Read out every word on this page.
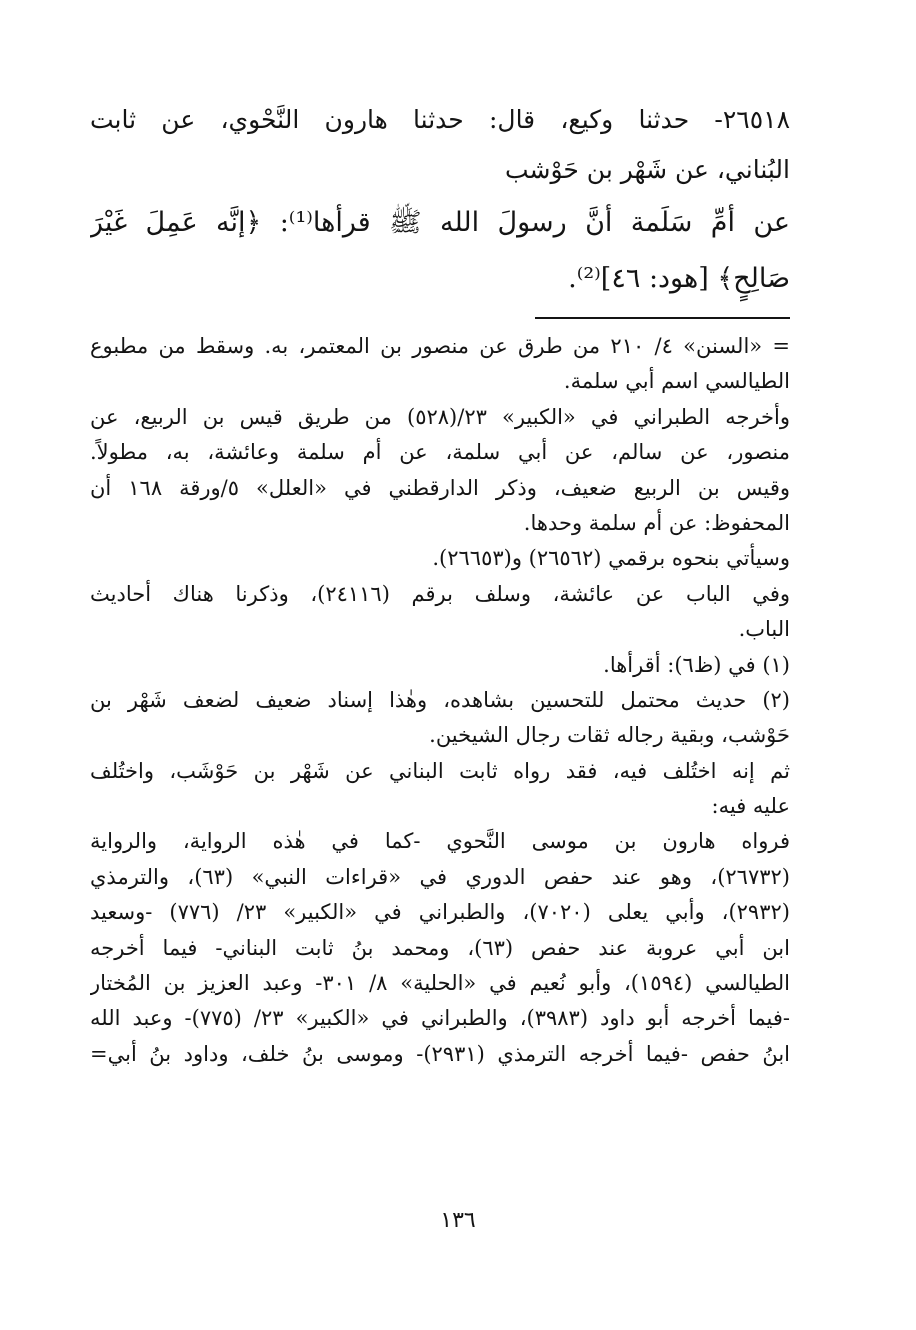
٢٦٥١٨- حدثنا وكيع، قال: حدثنا هارون النَّحْوي، عن ثابت
البُناني، عن شَهْر بن حَوْشب
عن أمِّ سَلَمة أنَّ رسولَ الله ﷺ قرأها⁽¹⁾: ﴿إنَّه عَمِلَ غَيْرَ
صَالِحٍ﴾ [هود: ٤٦]⁽²⁾.
= «السنن» ٤/ ٢١٠ من طرق عن منصور بن المعتمر، به. وسقط من مطبوع
الطيالسي اسم أبي سلمة.
وأخرجه الطبراني في «الكبير» ٢٣/(٥٢٨) من طريق قيس بن الربيع، عن
منصور، عن سالم، عن أبي سلمة، عن أم سلمة وعائشة، به، مطولاً.
وقيس بن الربيع ضعيف، وذكر الدارقطني في «العلل» ٥/ورقة ١٦٨ أن
المحفوظ: عن أم سلمة وحدها.
وسيأتي بنحوه برقمي (٢٦٥٦٢) و(٢٦٦٥٣).
وفي الباب عن عائشة، وسلف برقم (٢٤١١٦)، وذكرنا هناك أحاديث
الباب.
(١) في (ظ٦): أقرأها.
(٢) حديث محتمل للتحسين بشاهده، وهٰذا إسناد ضعيف لضعف شَهْر بن
حَوْشب، وبقية رجاله ثقات رجال الشيخين.
ثم إنه اختُلف فيه، فقد رواه ثابت البناني عن شَهْر بن حَوْشَب، واختُلف
عليه فيه:
فرواه هارون بن موسى النَّحوي -كما في هٰذه الرواية، والرواية
(٢٦٧٣٢)، وهو عند حفص الدوري في «قراءات النبي» (٦٣)، والترمذي
(٢٩٣٢)، وأبي يعلى (٧٠٢٠)، والطبراني في «الكبير» ٢٣/ (٧٧٦) -وسعيد
ابن أبي عروبة عند حفص (٦٣)، ومحمد بنُ ثابت البناني- فيما أخرجه
الطيالسي (١٥٩٤)، وأبو نُعيم في «الحلية» ٨/ ٣٠١- وعبد العزيز بن المُختار
-فيما أخرجه أبو داود (٣٩٨٣)، والطبراني في «الكبير» ٢٣/ (٧٧٥)- وعبد الله
ابنُ حفص -فيما أخرجه الترمذي (٢٩٣١)- وموسى بنُ خلف، وداود بنُ أبي=
١٣٦
